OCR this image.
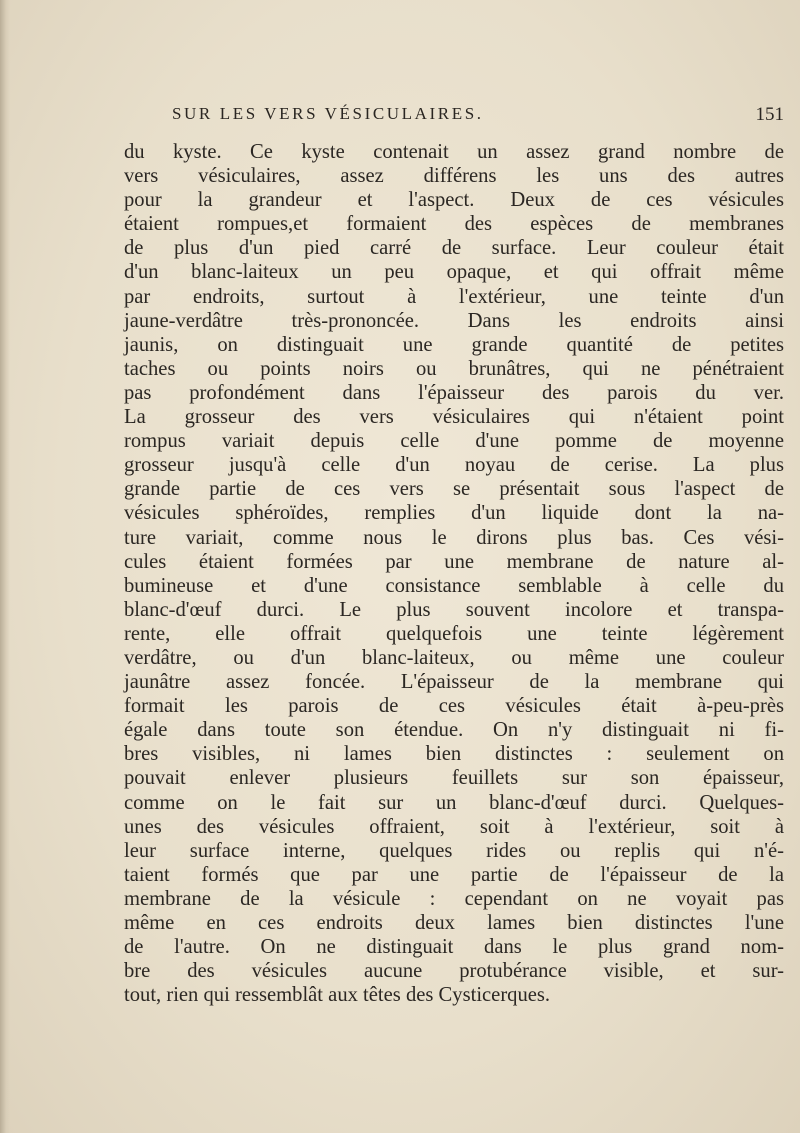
SUR LES VERS VÉSICULAIRES.	151
du kyste. Ce kyste contenait un assez grand nombre de
vers vésiculaires, assez différens les uns des autres
pour la grandeur et l'aspect. Deux de ces vésicules
étaient rompues,et formaient des espèces de membranes
de plus d'un pied carré de surface. Leur couleur était
d'un blanc-laiteux un peu opaque, et qui offrait même
par endroits, surtout à l'extérieur, une teinte d'un
jaune-verdâtre très-prononcée. Dans les endroits ainsi
jaunis, on distinguait une grande quantité de petites
taches ou points noirs ou brunâtres, qui ne pénétraient
pas profondément dans l'épaisseur des parois du ver.
La grosseur des vers vésiculaires qui n'étaient point
rompus variait depuis celle d'une pomme de moyenne
grosseur jusqu'à celle d'un noyau de cerise. La plus
grande partie de ces vers se présentait sous l'aspect de
vésicules sphéroïdes, remplies d'un liquide dont la na-
ture variait, comme nous le dirons plus bas. Ces vési-
cules étaient formées par une membrane de nature al-
bumineuse et d'une consistance semblable à celle du
blanc-d'œuf durci. Le plus souvent incolore et transpa-
rente, elle offrait quelquefois une teinte légèrement
verdâtre, ou d'un blanc-laiteux, ou même une couleur
jaunâtre assez foncée. L'épaisseur de la membrane qui
formait les parois de ces vésicules était à-peu-près
égale dans toute son étendue. On n'y distinguait ni fi-
bres visibles, ni lames bien distinctes : seulement on
pouvait enlever plusieurs feuillets sur son épaisseur,
comme on le fait sur un blanc-d'œuf durci. Quelques-
unes des vésicules offraient, soit à l'extérieur, soit à
leur surface interne, quelques rides ou replis qui n'é-
taient formés que par une partie de l'épaisseur de la
membrane de la vésicule : cependant on ne voyait pas
même en ces endroits deux lames bien distinctes l'une
de l'autre. On ne distinguait dans le plus grand nom-
bre des vésicules aucune protubérance visible, et sur-
tout, rien qui ressemblât aux têtes des Cysticerques.
